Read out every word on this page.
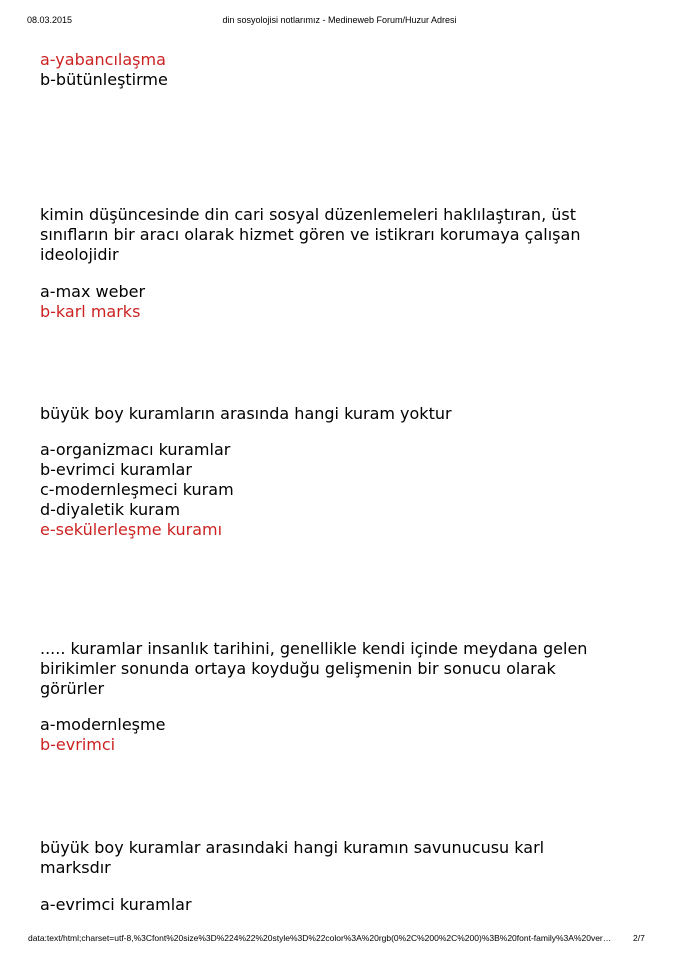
din sosyolojisi notlarımız - Medineweb Forum/Huzur Adresi
08.03.2015
a-yabancılaşma
b-bütünleştirme
kimin düşüncesinde din cari sosyal düzenlemeleri haklılaştıran, üst
sınıfların bir aracı olarak hizmet gören ve istikrarı korumaya çalışan
ideolojidir
a-max weber
b-karl marks
büyük boy kuramların arasında hangi kuram yoktur
a-organizmacı kuramlar
b-evrimci kuramlar
c-modernleşmeci kuram
d-diyaletik kuram
e-sekülerleşme kuramı
..... kuramlar insanlık tarihini, genellikle kendi içinde meydana gelen
birikimler sonunda ortaya koyduğu gelişmenin bir sonucu olarak
görürler
a-modernleşme
b-evrimci
büyük boy kuramlar arasındaki hangi kuramın savunucusu karl
marksdır
a-evrimci kuramlar
data:text/html;charset=utf-8,%3Cfont%20size%3D%224%22%20style%3D%22color%3A%20rgb(0%2C%200%2C%200)%3B%20font-family%3A%20ver…	2/7
